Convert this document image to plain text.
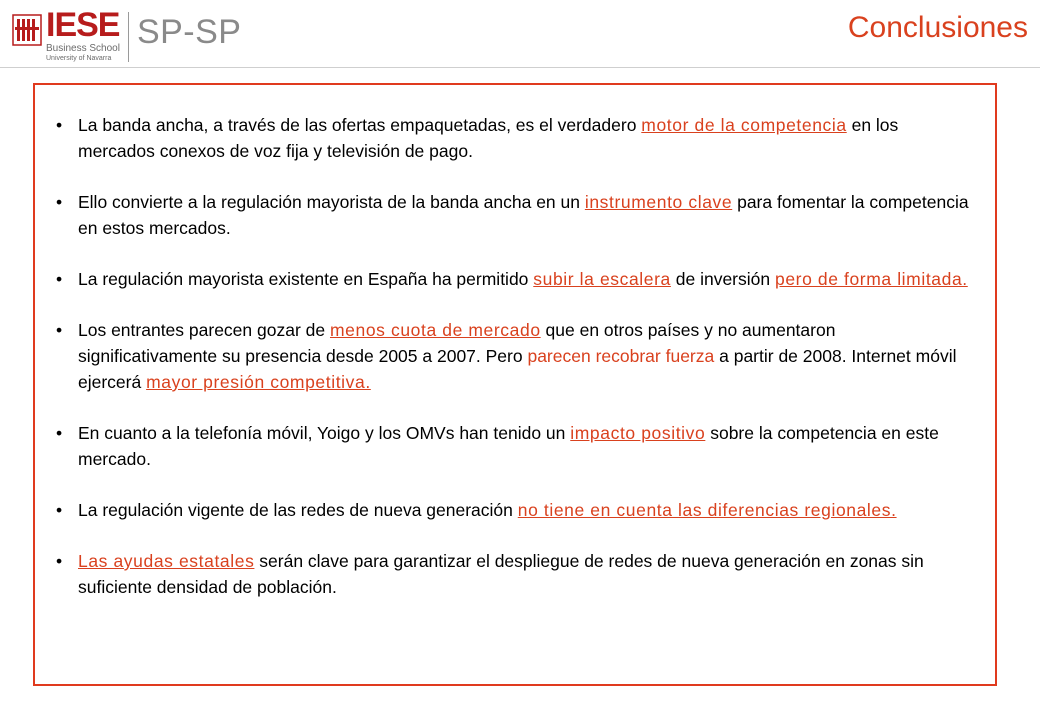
IESE
Business School
University of Navarra
SP-SP	Conclusiones
• La banda ancha, a través de las ofertas empaquetadas, es el verdadero motor de la competencia en los mercados conexos de voz fija y televisión de pago.
• Ello convierte a la regulación mayorista de la banda ancha en un instrumento clave para fomentar la competencia en estos mercados.
• La regulación mayorista existente en España ha permitido subir la escalera de inversión pero de forma limitada.
• Los entrantes parecen gozar de menos cuota de mercado que en otros países y no aumentaron significativamente su presencia desde 2005 a 2007. Pero parecen recobrar fuerza a partir de 2008. Internet móvil ejercerá mayor presión competitiva.
• En cuanto a la telefonía móvil, Yoigo y los OMVs han tenido un impacto positivo sobre la competencia en este mercado.
• La regulación vigente de las redes de nueva generación no tiene en cuenta las diferencias regionales.
• Las ayudas estatales serán clave para garantizar el despliegue de redes de nueva generación en zonas sin suficiente densidad de población.
